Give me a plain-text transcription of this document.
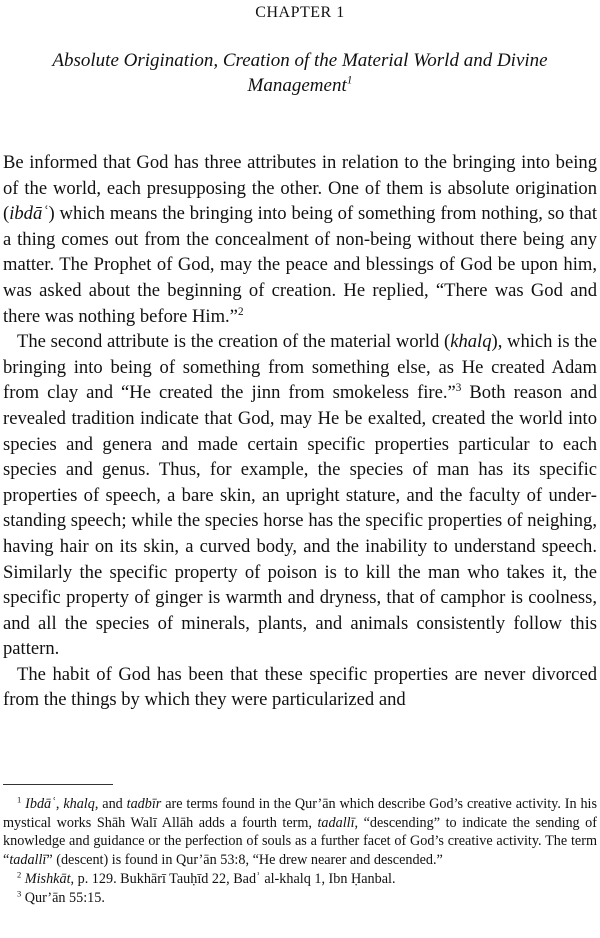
CHAPTER 1
Absolute Origination, Creation of the Material World and Divine Management$^1$

Be informed that God has three attributes in relation to the bringing into being of the world, each presupposing the other. One of them is absolute origination (ibdāʿ) which means the bringing into being of something from nothing, so that a thing comes out from the concealment of non-being without there being any matter. The Prophet of God, may the peace and blessings of God be upon him, was asked about the beginning of creation. He replied, “There was God and there was nothing before Him.”$^2$

The second attribute is the creation of the material world (khalq), which is the bringing into being of something from something else, as He created Adam from clay and “He created the jinn from smokeless fire.”$^3$ Both reason and revealed tradition indicate that God, may He be exalted, created the world into species and genera and made certain specific properties particular to each species and genus. Thus, for example, the species of man has its specific properties of speech, a bare skin, an upright stature, and the faculty of understanding speech; while the species horse has the specific properties of neighing, having hair on its skin, a curved body, and the inability to understand speech. Similarly the specific property of poison is to kill the man who takes it, the specific property of ginger is warmth and dryness, that of camphor is coolness, and all the species of minerals, plants, and animals consistently follow this pattern.

The habit of God has been that these specific properties are never divorced from the things by which they were particularized and

$^1$ Ibdāʿ, khalq, and tadbīr are terms found in the Qur’ān which describe God’s creative activity. In his mystical works Shāh Walī Allāh adds a fourth term, tadallī, “descending” to indicate the sending of knowledge and guidance or the perfection of souls as a further facet of God’s creative activity. The term “tadallī” (descent) is found in Qur’ān 53:8, “He drew nearer and descended.”

$^2$ Mishkāt, p. 129. Bukhārī Tauḥīd 22, Badʾ al-khalq 1, Ibn Ḥanbal.

$^3$ Qur’ān 55:15.
